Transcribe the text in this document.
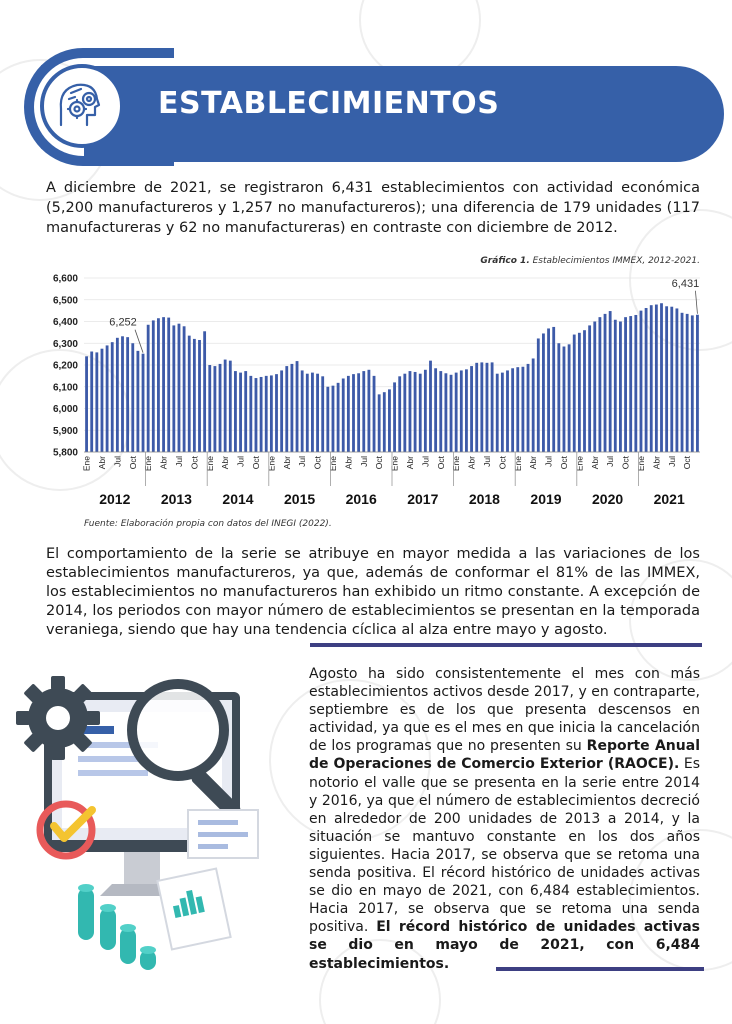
ESTABLECIMIENTOS

A diciembre de 2021, se registraron 6,431 establecimientos con actividad económica (5,200 manufactureros y 1,257 no manufactureros); una diferencia de 179 unidades (117 manufactureras y 62 no manufactureras) en contraste con diciembre de 2012.

Gráfico 1. Establecimientos IMMEX, 2012-2021.
5,800
5,900
6,000
6,100
6,200
6,300
6,400
6,500
6,600
Ene Abr Jul Oct Ene Abr Jul Oct Ene Abr Jul Oct Ene Abr Jul Oct Ene Abr Jul Oct Ene Abr Jul Oct Ene Abr Jul Oct Ene Abr Jul Oct Ene Abr Jul Oct Ene Abr Jul Oct
2012 2013 2014 2015 2016 2017 2018 2019 2020 2021
6,252
6,431
Fuente: Elaboración propia con datos del INEGI (2022).

El comportamiento de la serie se atribuye en mayor medida a las variaciones de los establecimientos manufactureros, ya que, además de conformar el 81% de las IMMEX, los establecimientos no manufactureros han exhibido un ritmo constante. A excepción de 2014, los periodos con mayor número de establecimientos se presentan en la temporada veraniega, siendo que hay una tendencia cíclica al alza entre mayo y agosto.

Agosto ha sido consistentemente el mes con más establecimientos activos desde 2017, y en contraparte, septiembre es de los que presenta descensos en actividad, ya que es el mes en que inicia la cancelación de los programas que no presenten su Reporte Anual de Operaciones de Comercio Exterior (RAOCE). Es notorio el valle que se presenta en la serie entre 2014 y 2016, ya que el número de establecimientos decreció en alrededor de 200 unidades de 2013 a 2014, y la situación se mantuvo constante en los dos años siguientes. Hacia 2017, se observa que se retoma una senda positiva. El récord histórico de unidades activas se dio en mayo de 2021, con 6,484 establecimientos. Hacia 2017, se observa que se retoma una senda positiva. El récord histórico de unidades activas se dio en mayo de 2021, con 6,484 establecimientos.
